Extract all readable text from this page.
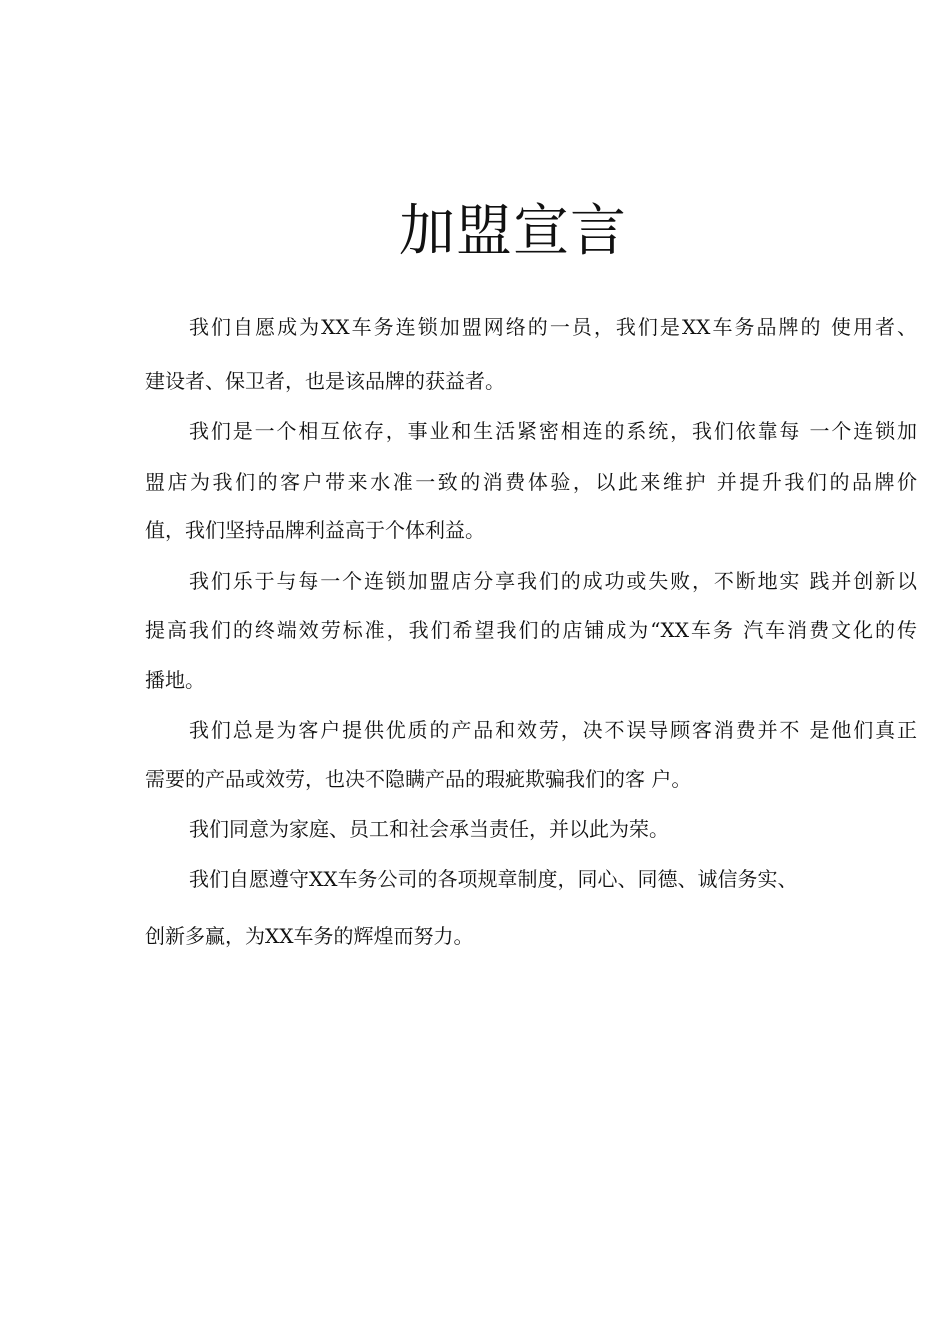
加盟宣言

我们自愿成为XX车务连锁加盟网络的一员，我们是XX车务品牌的 使用者、

建设者、保卫者，也是该品牌的获益者。

我们是一个相互依存，事业和生活紧密相连的系统，我们依靠每 一个连锁加

盟店为我们的客户带来水准一致的消费体验，以此来维护 并提升我们的品牌价

值，我们坚持品牌利益高于个体利益。

我们乐于与每一个连锁加盟店分享我们的成功或失败，不断地实 践并创新以

提高我们的终端效劳标准，我们希望我们的店铺成为“XX车务 汽车消费文化的传

播地。

我们总是为客户提供优质的产品和效劳，决不误导顾客消费并不 是他们真正

需要的产品或效劳，也决不隐瞒产品的瑕疵欺骗我们的客 户。

我们同意为家庭、员工和社会承当责任，并以此为荣。

我们自愿遵守XX车务公司的各项规章制度，同心、同德、诚信务实、

创新多赢，为XX车务的辉煌而努力。
